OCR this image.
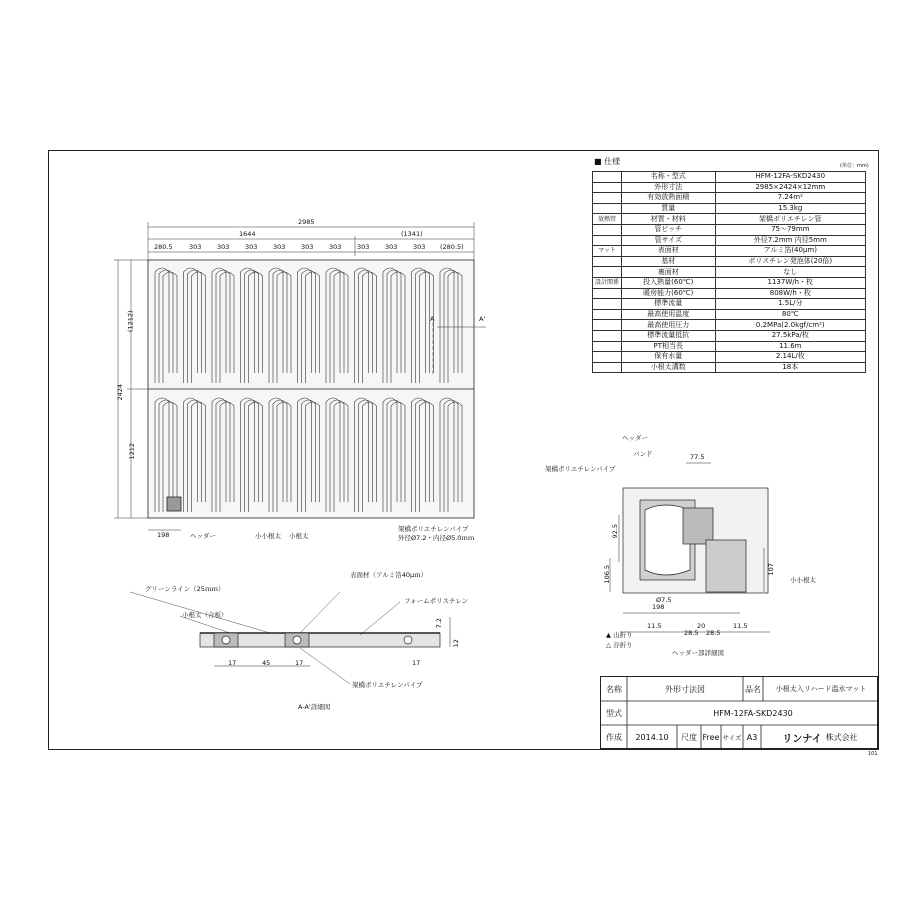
■ 仕様	(単位：mm)
	名称・型式	HFM-12FA-SKD2430
	外形寸法	2985×2424×12mm
	有効放熱面積	7.24m²
	質量	15.3kg
放熱管	材質・材料	架橋ポリエチレン管
	管ピッチ	75〜79mm
	管サイズ	外径7.2mm 内径5mm
マット	表面材	アルミ箔(40μm)
	基材	ポリスチレン発泡体(20倍)
	裏面材	なし
設計関係	投入熱量(60℃)	1137W/h・枚
	暖房能力(60℃)	808W/h・枚
	標準流量	1.5L/分
	最高使用温度	80℃
	最高使用圧力	0.2MPa(2.0kgf/cm²)
	標準流量抵抗	27.5kPa/枚
	PT相当長	11.6m
	保有水量	2.14L/枚
	小根太溝数	18本
2985
1644	(1341)
280.5	303 303 303 303 303 303 303 303 303 (280.5)
2424
(1212)
1212
198	ヘッダー	小小根太 小根太
架橋ポリエチレンパイプ
外径Ø7.2・内径Ø5.0ｍｍ
A	A'
グリーンライン（25ｍｍ）
小根太（合板）
表面材（アルミ箔40μｍ）
フォームポリスチレン
架橋ポリエチレンパイプ
17	45	17	17
7.2
12
A-A'詳細図
ヘッダー
バンド
架橋ポリエチレンパイプ
77.5
92.5
106.5	107
Ø7.5
198
11.5	20
28.5 28.5
11.5
小小根太
▲ 山折り
△ 谷折り
ヘッダー部詳細図
名称	外形寸法図	品名	小根太入リハード温水マット
型式	HFM-12FA-SKD2430
作成	2014.10	尺度 Free サイズ A3	リンナイ 株式会社
101
